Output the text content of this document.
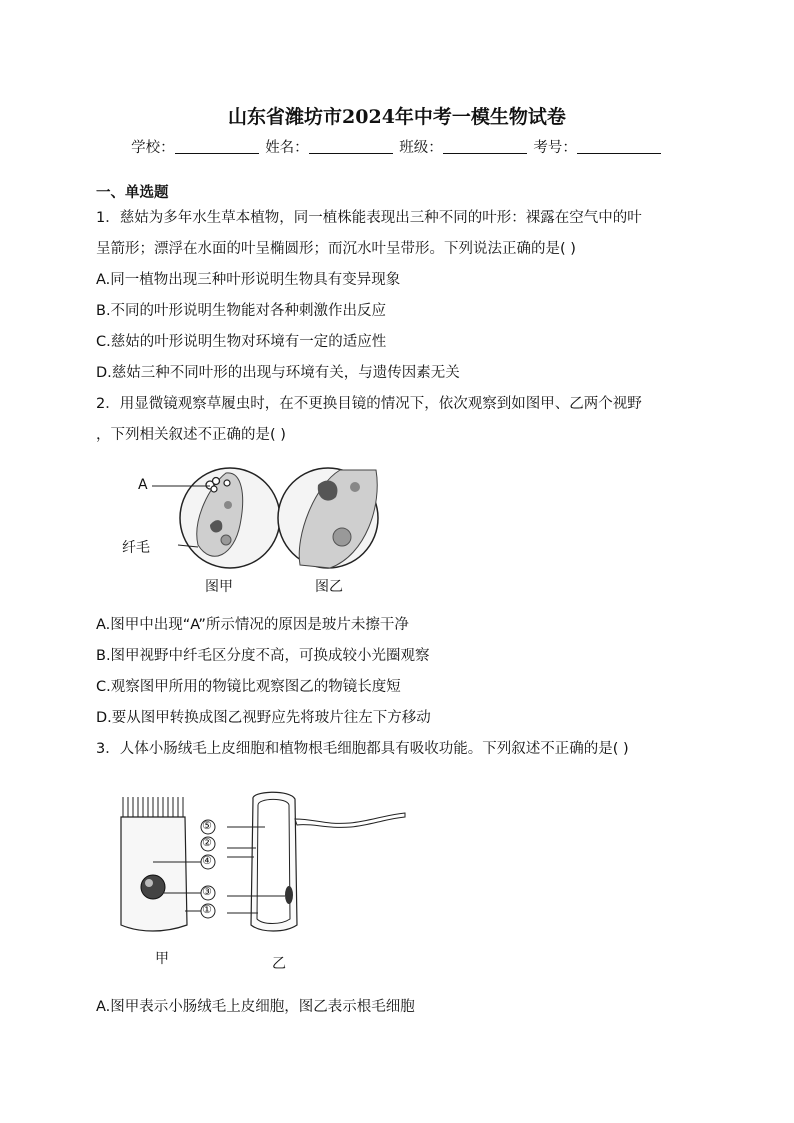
山东省潍坊市2024年中考一模生物试卷
学校：	姓名：	班级：	考号：
一、单选题
1．慈姑为多年水生草本植物，同一植株能表现出三种不同的叶形：裸露在空气中的叶
呈箭形；漂浮在水面的叶呈椭圆形；而沉水叶呈带形。下列说法正确的是( )
A.同一植物出现三种叶形说明生物具有变异现象
B.不同的叶形说明生物能对各种刺激作出反应
C.慈姑的叶形说明生物对环境有一定的适应性
D.慈姑三种不同叶形的出现与环境有关，与遗传因素无关
2．用显微镜观察草履虫时，在不更换目镜的情况下，依次观察到如图甲、乙两个视野
，下列相关叙述不正确的是( )
A
纤毛
图甲	图乙
A.图甲中出现“A”所示情况的原因是玻片未擦干净
B.图甲视野中纤毛区分度不高，可换成较小光圈观察
C.观察图甲所用的物镜比观察图乙的物镜长度短
D.要从图甲转换成图乙视野应先将玻片往左下方移动
3．人体小肠绒毛上皮细胞和植物根毛细胞都具有吸收功能。下列叙述不正确的是( )
⑤
②
④
③
①
甲	乙
A.图甲表示小肠绒毛上皮细胞，图乙表示根毛细胞
